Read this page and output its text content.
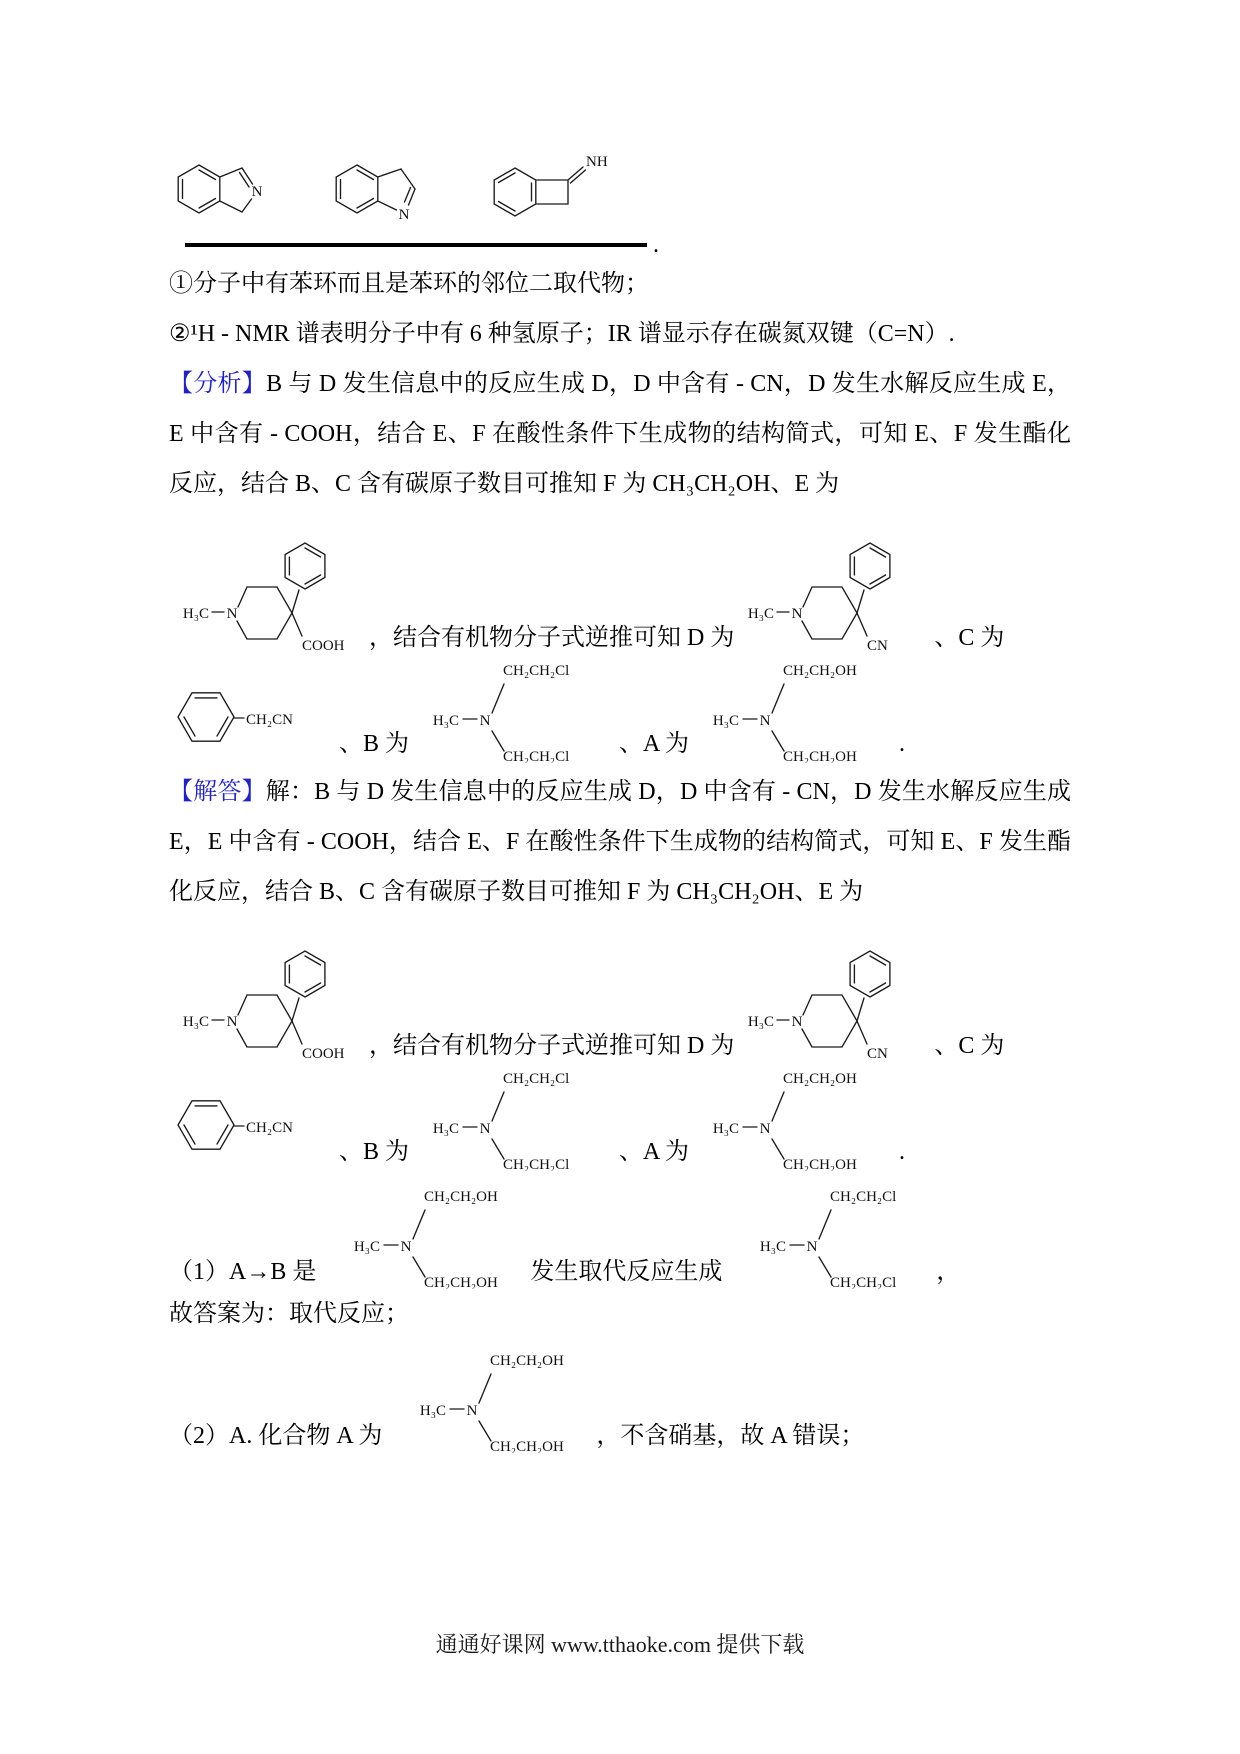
N
N
NH
.

①分子中有苯环而且是苯环的邻位二取代物；

②¹H - NMR 谱表明分子中有 6 种氢原子；IR 谱显示存在碳氮双键（C=N）.

【分析】B 与 D 发生信息中的反应生成 D，D 中含有 - CN，D 发生水解反应生成 E，E 中含有 - COOH，结合 E、F 在酸性条件下生成物的结构简式，可知 E、F 发生酯化反应，结合 B、C 含有碳原子数目可推知 F 为 CH₃CH₂OH、E 为

H₃C N
COOH ，结合有机物分子式逆推可知 D 为
H₃C N
CN 、C 为
CH₂CN
、B 为
CH₂CH₂Cl
H₃C N
CH₂CH₂Cl 、A 为
CH₂CH₂OH
H₃C N
CH₂CH₂OH .

【解答】解：B 与 D 发生信息中的反应生成 D，D 中含有 - CN，D 发生水解反应生成 E，E 中含有 - COOH，结合 E、F 在酸性条件下生成物的结构简式，可知 E、F 发生酯化反应，结合 B、C 含有碳原子数目可推知 F 为 CH₃CH₂OH、E 为

H₃C N
COOH ，结合有机物分子式逆推可知 D 为
H₃C N
CN 、C 为
CH₂CN
、B 为
CH₂CH₂Cl
H₃C N
CH₂CH₂Cl 、A 为
CH₂CH₂OH
H₃C N
CH₂CH₂OH .
（1）A→B 是
CH₂CH₂OH
H₃C N
CH₂CH₂OH 发生取代反应生成
CH₂CH₂Cl
H₃C N
CH₂CH₂Cl ，

故答案为：取代反应；

（2）A. 化合物 A 为
CH₂CH₂OH
H₃C N
CH₂CH₂OH ，不含硝基，故 A 错误；
通通好课网 www.tthaoke.com 提供下载
